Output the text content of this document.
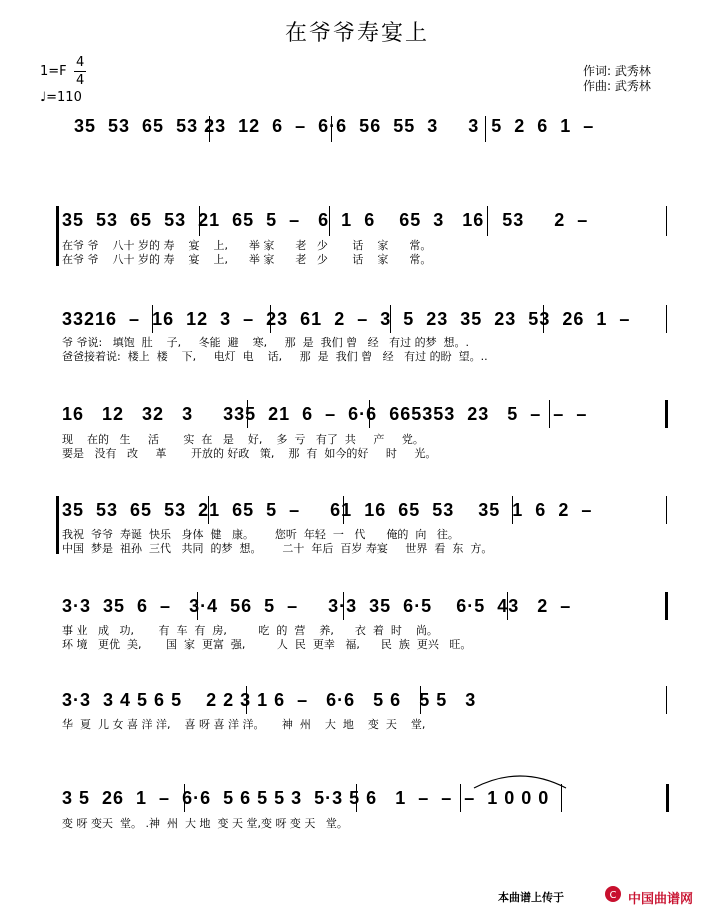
在爷爷寿宴上
1=F
4
4
♩=110
作词: 武秀林
作曲: 武秀林
35  53  65  53 23  12  6  –  6·6  56  55  3     3  5  2  6  1  –
35  53  65  53  21  65  5  –   6  1  6    65  3   16   53     2  –
在爷 爷    八十 岁的 寿    宴    上,      举 家      老   少       话    家      常。
在爷 爷    八十 岁的 寿    宴    上,      举 家      老   少       话    家      常。
33216  –  16  12  3  –  23  61  2  –  3  5  23  35  23  53  26  1  –
爷 爷说:   填饱  肚    子,     冬能  避    寒,     那  是  我们 曾   经   有过 的梦  想。.
爸爸接着说:  楼上  楼    下,     电灯  电    话,     那  是  我们 曾   经   有过 的盼  望。..
16   12   32   3     335  21  6  –  6·6  665353  23   5  –  –  –
现    在的   生     活       实  在   是    好,    多  亏   有了  共     产     党。
要是   没有   改     革       开放的 好政   策,    那  有  如今的好     时     光。
35  53  65  53  21  65  5  –     61  16  65  53    35  1  6  2  –
我祝  爷爷  寿诞  快乐   身体  健   康。      您听  年轻  一   代      俺的  向   往。
中国  梦是  祖孙  三代   共同  的梦  想。      二十  年后  百岁 寿宴     世界  看  东  方。
3·3  35  6  –   3·4  56  5  –     3·3  35  6·5    6·5  43   2  –
事 业   成   功,       有  车  有  房,         吃  的  营    养,      衣  着  时    尚。
环 境   更优  美,       国  家  更富  强,         人  民  更幸   福,      民  族  更兴   旺。
3·3  3 4 5 6 5    2 2 3 1 6  –   6·6   5 6   5 5   3
华  夏  儿 女 喜 洋 洋,    喜 呀 喜 洋 洋。     神  州    大  地    变  天    堂,
3 5  26  1  –  6·6  5 6 5 5 3  5·3 5 6   1  –  –  –  1 0 0 0
变 呀 变天  堂。 .神  州  大 地  变 天 堂,变 呀 变 天   堂。
本曲谱上传于	C 中国曲谱网
